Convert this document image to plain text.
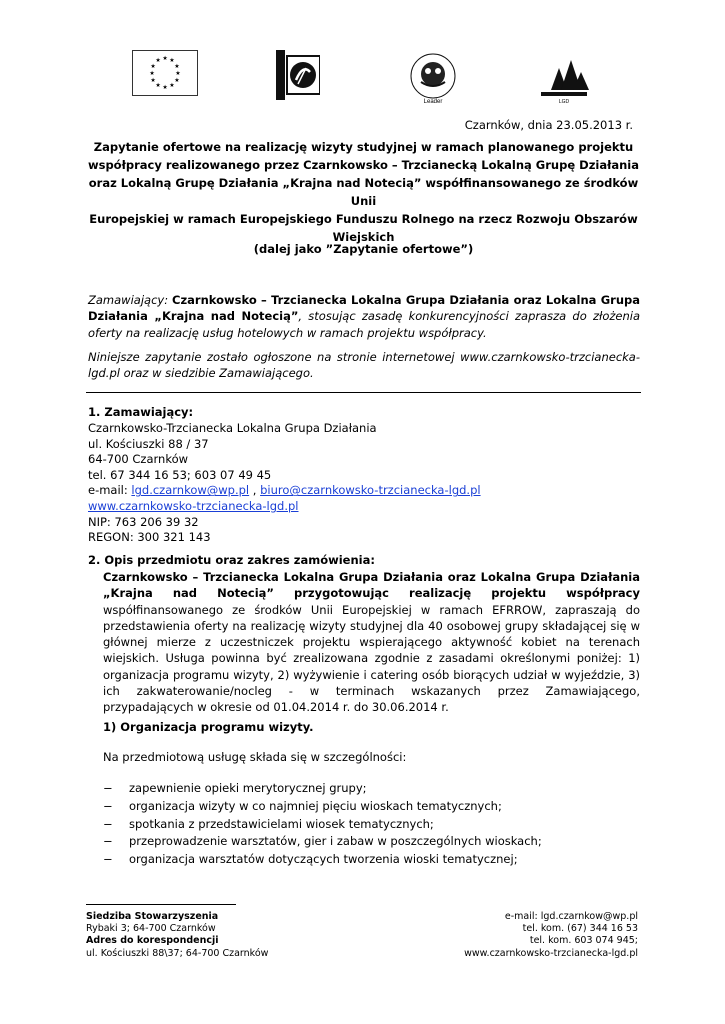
★ ★
★
★
★
★
★
★
★
★
★
★
Leader	LGD
Czarnków, dnia 23.05.2013 r.
Zapytanie ofertowe na realizację wizyty studyjnej w ramach planowanego projektu
współpracy realizowanego przez Czarnkowsko – Trzcianecką Lokalną Grupę Działania
oraz Lokalną Grupę Działania „Krajna nad Notecią” współfinansowanego ze środków Unii
Europejskiej w ramach Europejskiego Funduszu Rolnego na rzecz Rozwoju Obszarów
Wiejskich
(dalej jako ”Zapytanie ofertowe”)
Zamawiający: Czarnkowsko – Trzcianecka Lokalna Grupa Działania oraz Lokalna Grupa Działania „Krajna nad Notecią”, stosując zasadę konkurencyjności zaprasza do złożenia oferty na realizację usług hotelowych w ramach projektu współpracy.
Niniejsze zapytanie zostało ogłoszone na stronie internetowej www.czarnkowsko-trzcianecka-lgd.pl oraz w siedzibie Zamawiającego.
1. Zamawiający:
Czarnkowsko-Trzcianecka Lokalna Grupa Działania
ul. Kościuszki 88 / 37
64-700 Czarnków
tel. 67 344 16 53; 603 07 49 45
e-mail: lgd.czarnkow@wp.pl , biuro@czarnkowsko-trzcianecka-lgd.pl
www.czarnkowsko-trzcianecka-lgd.pl
NIP: 763 206 39 32
REGON: 300 321 143
2. Opis przedmiotu oraz zakres zamówienia:
Czarnkowsko – Trzcianecka Lokalna Grupa Działania oraz Lokalna Grupa Działania „Krajna nad Notecią” przygotowując realizację projektu współpracy współfinansowanego ze środków Unii Europejskiej w ramach EFRROW, zapraszają do przedstawienia oferty na realizację wizyty studyjnej dla 40 osobowej grupy składającej się w głównej mierze z uczestniczek projektu wspierającego aktywność kobiet na terenach wiejskich. Usługa powinna być zrealizowana zgodnie z zasadami określonymi poniżej: 1) organizacja programu wizyty, 2) wyżywienie i catering osób biorących udział w wyjeździe, 3) ich zakwaterowanie/nocleg - w terminach wskazanych przez Zamawiającego, przypadających w okresie od 01.04.2014 r. do 30.06.2014 r.
1) Organizacja programu wizyty.
Na przedmiotową usługę składa się w szczególności:
− zapewnienie opieki merytorycznej grupy;
− organizacja wizyty w co najmniej pięciu wioskach tematycznych;
− spotkania z przedstawicielami wiosek tematycznych;
− przeprowadzenie warsztatów, gier i zabaw w poszczególnych wioskach;
− organizacja warsztatów dotyczących tworzenia wioski tematycznej;
Siedziba Stowarzyszenia
Rybaki 3; 64-700 Czarnków
Adres do korespondencji
ul. Kościuszki 88\37; 64-700 Czarnków
e-mail: lgd.czarnkow@wp.pl
tel. kom. (67) 344 16 53
tel. kom. 603 074 945;
www.czarnkowsko-trzcianecka-lgd.pl
